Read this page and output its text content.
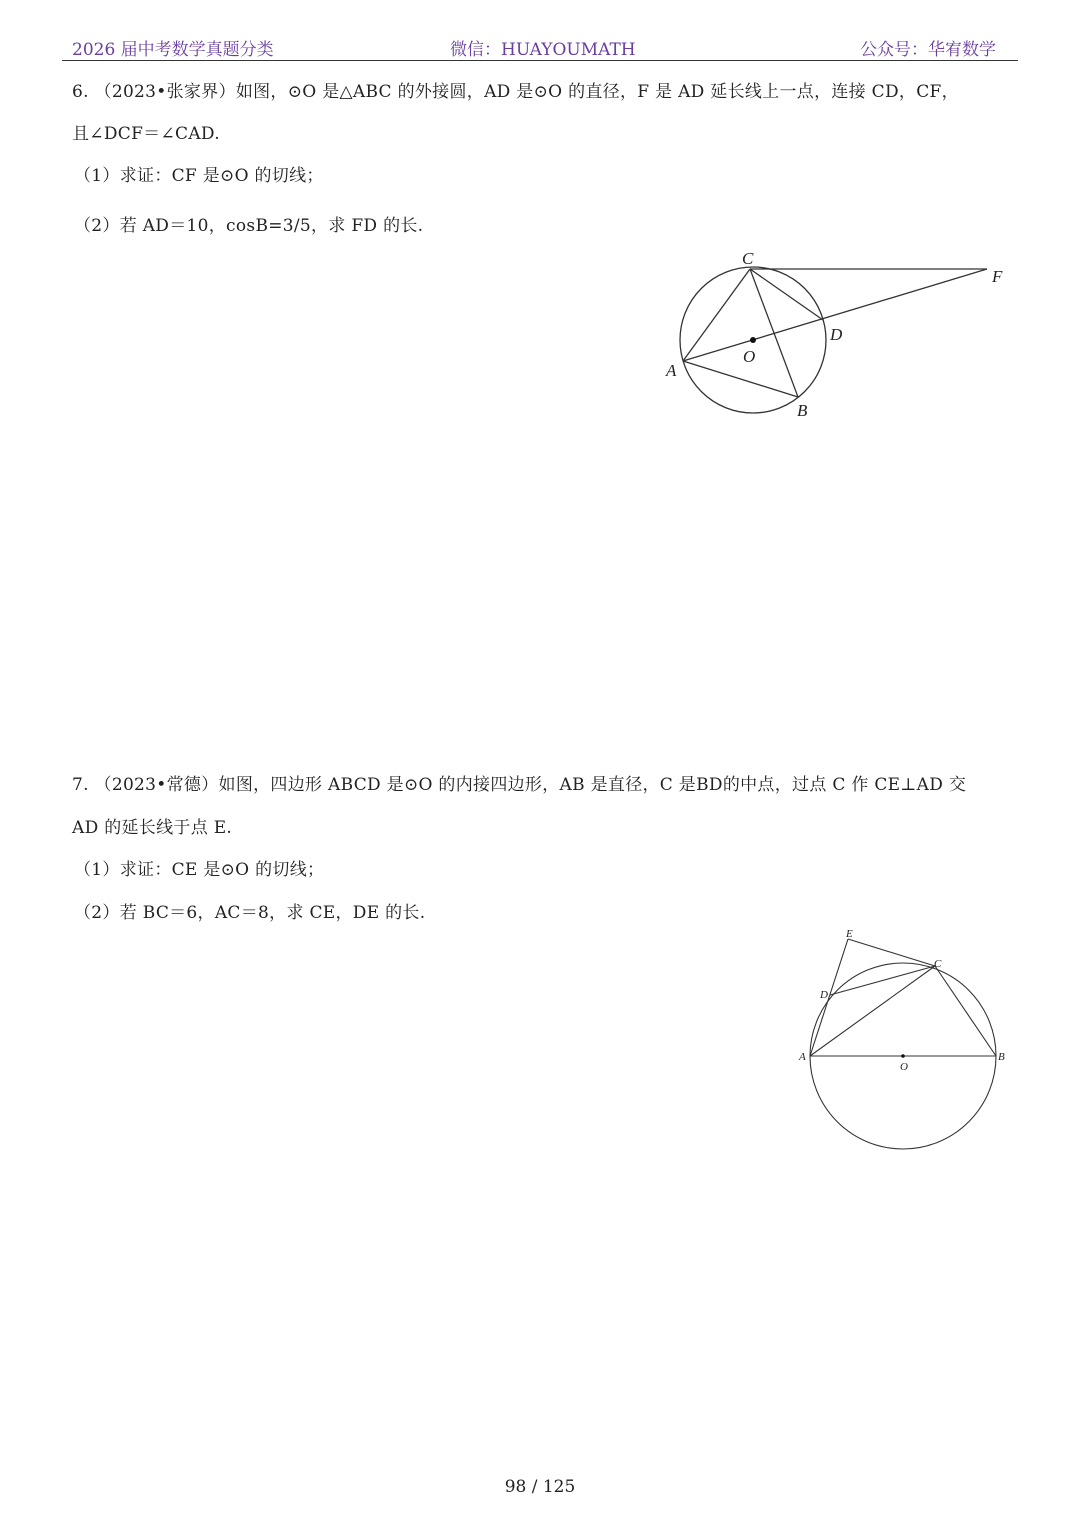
2026 届中考数学真题分类	微信：HUAYOUMATH	公众号：华宥数学
6. （2023•张家界）如图，⊙O 是△ABC 的外接圆，AD 是⊙O 的直径，F 是 AD 延长线上一点，连接 CD，CF，
且∠DCF＝∠CAD.
（1）求证：CF 是⊙O 的切线；
（2）若 AD＝10，cosB=3/5，求 FD 的长.
C
F
D
O
A
B
7. （2023•常德）如图，四边形 ABCD 是⊙O 的内接四边形，AB 是直径，C 是BD的中点，过点 C 作 CE⊥AD 交
AD 的延长线于点 E.
（1）求证：CE 是⊙O 的切线；
（2）若 BC＝6，AC＝8，求 CE，DE 的长.
E
C
D
A	B
O
98 / 125
